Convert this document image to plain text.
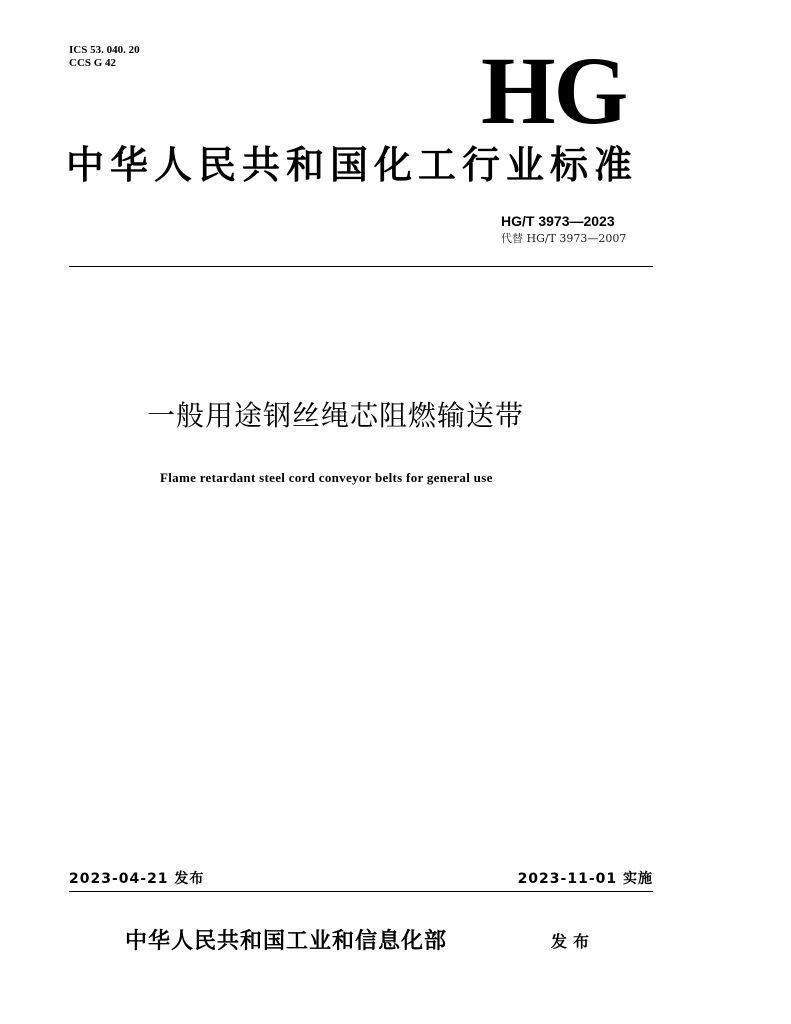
ICS 53. 040. 20
CCS G 42	HG
中华人民共和国化工行业标准
HG/T 3973—2023
代替 HG/T 3973—2007
一般用途钢丝绳芯阻燃输送带
Flame retardant steel cord conveyor belts for general use
2023-04-21 发布	2023-11-01 实施
中华人民共和国工业和信息化部	发布
